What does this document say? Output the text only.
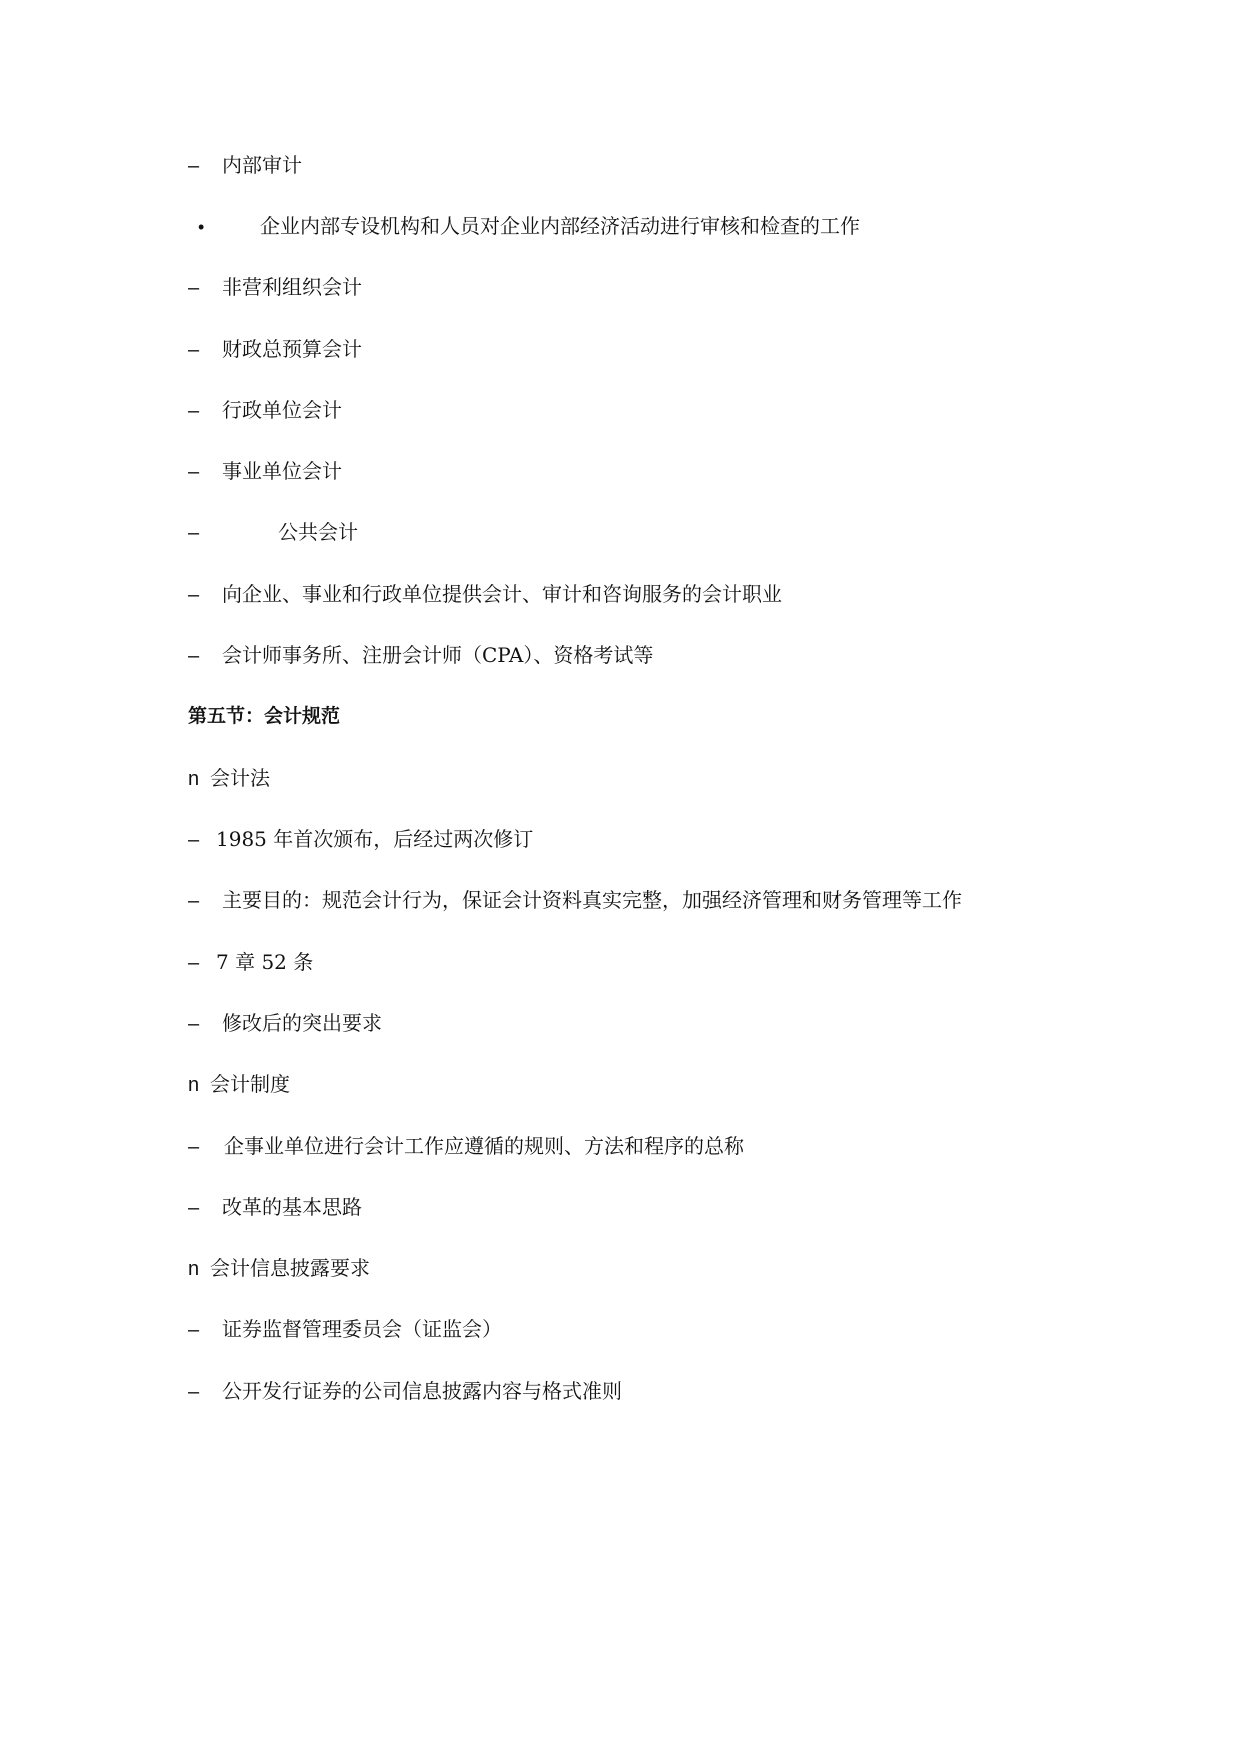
– 内部审计
•	企业内部专设机构和人员对企业内部经济活动进行审核和检查的工作
– 非营利组织会计
– 财政总预算会计
– 行政单位会计
– 事业单位会计
–	公共会计
– 向企业、事业和行政单位提供会计、审计和咨询服务的会计职业
– 会计师事务所、注册会计师（CPA）、资格考试等
第五节：会计规范
n 会计法
– 1985 年首次颁布，后经过两次修订
– 主要目的：规范会计行为，保证会计资料真实完整，加强经济管理和财务管理等工作
– 7 章 52 条
– 修改后的突出要求
n 会计制度
– 企事业单位进行会计工作应遵循的规则、方法和程序的总称
– 改革的基本思路
n 会计信息披露要求
– 证券监督管理委员会（证监会）
– 公开发行证券的公司信息披露内容与格式准则
